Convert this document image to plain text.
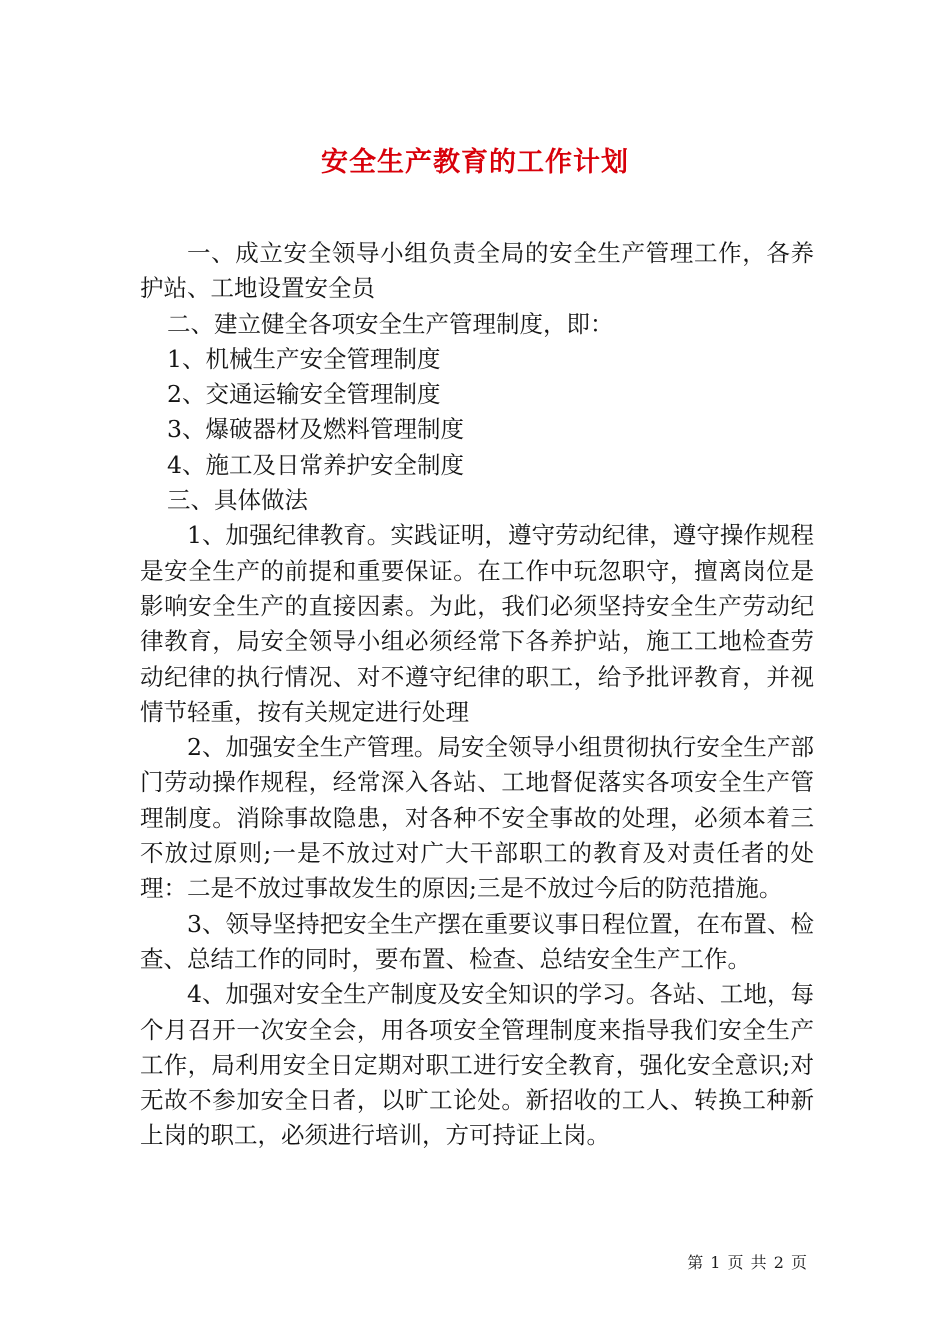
安全生产教育的工作计划

一、成立安全领导小组负责全局的安全生产管理工作，各养护站、工地设置安全员

二、建立健全各项安全生产管理制度，即：

1、机械生产安全管理制度

2、交通运输安全管理制度

3、爆破器材及燃料管理制度

4、施工及日常养护安全制度

三、具体做法

1、加强纪律教育。实践证明，遵守劳动纪律，遵守操作规程是安全生产的前提和重要保证。在工作中玩忽职守，擅离岗位是影响安全生产的直接因素。为此，我们必须坚持安全生产劳动纪律教育，局安全领导小组必须经常下各养护站，施工工地检查劳动纪律的执行情况、对不遵守纪律的职工，给予批评教育，并视情节轻重，按有关规定进行处理

2、加强安全生产管理。局安全领导小组贯彻执行安全生产部门劳动操作规程，经常深入各站、工地督促落实各项安全生产管理制度。消除事故隐患，对各种不安全事故的处理，必须本着三不放过原则;一是不放过对广大干部职工的教育及对责任者的处理：二是不放过事故发生的原因;三是不放过今后的防范措施。

3、领导坚持把安全生产摆在重要议事日程位置，在布置、检查、总结工作的同时，要布置、检查、总结安全生产工作。

4、加强对安全生产制度及安全知识的学习。各站、工地，每个月召开一次安全会，用各项安全管理制度来指导我们安全生产工作，局利用安全日定期对职工进行安全教育，强化安全意识;对无故不参加安全日者，以旷工论处。新招收的工人、转换工种新上岗的职工，必须进行培训，方可持证上岗。

第 1 页 共 2 页
